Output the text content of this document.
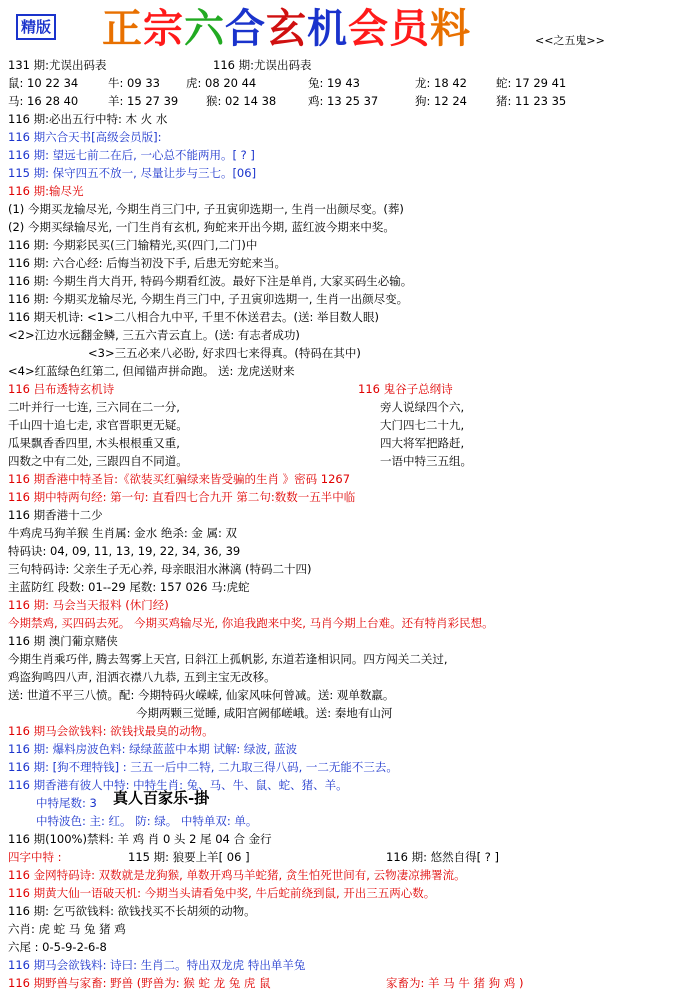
精版 正宗六合玄机会员料	<<之五鬼>>
131 期:尤误出码表	116 期:尤误出码表
鼠: 10 22 34	牛: 09 33 虎: 08 20 44	兔: 19 43	龙: 18 42	蛇: 17 29 41
马: 16 28 40	羊: 15 27 39 猴: 02 14 38	鸡: 13 25 37	狗: 12 24	猪: 11 23 35
116 期:必出五行中特: 木 火 水
116 期六合天书[高级会员版]:
116 期: 望远七前二在后, 一心总不能两用。[ ? ]
115 期: 保守四五不放一, 尽量让步与三七。[06]
116 期:输尽光
(1) 今期买龙输尽光, 今期生肖三门中, 子丑寅卯选期一, 生肖一出颜尽变。(葬)
(2) 今期买绿输尽光, 一门生肖有玄机, 狗蛇来开出今期, 蓝红波今期来中奖。
116 期: 今期彩民买(三门输精光,买(四门,二门)中
116 期: 六合心经: 后悔当初没下手, 后患无穷蛇来当。
116 期: 今期生肖大肖开, 特码今期看红波。最好下注是单肖, 大家买码生必输。
116 期: 今期买龙输尽光, 今期生肖三门中, 子丑寅卯选期一, 生肖一出颜尽变。
116 期天机诗: <1>二八相合九中平, 千里不休送君去。(送: 举目数人眼)
<2>江边水远翻金鳞, 三五六青云直上。(送: 有志者成功)
<3>三五必来八必盼, 好求四七来得真。(特码在其中)
<4>红蓝绿色红第二, 但闻锚声拼命跑。 送: 龙虎送财来
116 吕布透特玄机诗	116 鬼谷子总纲诗
二叶并行一七连, 三六同在二一分,	旁人说绿四个六,
千山四十追七走, 求官晋职更无疑。	大门四七二十九,
瓜果飘香香四里, 木头根根重又重,	四大将军把路赶,
四数之中有二处, 三跟四自不同道。	一语中特三五组。
116 期香港中特圣旨:《欲装买红骗绿来皆受骗的生肖 》密码 1267
116 期中特两句经: 第一句: 直看四七合九开 第二句:数数一五半中临
116 期香港十二少
牛鸡虎马狗羊猴 生肖属: 金水 绝杀: 金 属: 双
特码诀: 04, 09, 11, 13, 19, 22, 34, 36, 39
三句特码诗: 父亲生子无心养, 母亲眼泪水淋漓 (特码二十四)
主蓝防红 段数: 01--29 尾数: 157 026 马:虎蛇
116 期: 马会当天报料 (休门经)
今期禁鸡, 买四码去死。 今期买鸡输尽光, 你追我跑来中奖, 马肖今期上台难。还有特肖彩民想。
116 期 澳门葡京赌侠
今期生肖乘巧伴, 腾去驾雾上天宫, 日斜江上孤帆影, 东道若逢相识同。四方闯关二关过,
鸡盗狗鸣四八声, 泪洒衣襟八九恭, 五到主宝无改移。
送: 世道不平三八愤。配: 今期特码火嵘嵘, 仙家风味何曾减。送: 观单数羸。
今期两颗三觉睡, 咸阳宫阙郁嵯峨。送: 秦地有山河
116 期马会欲钱料: 欲钱找最臭的动物。
116 期: 爆料房波色料: 绿绿蓝蓝中本期 试解: 绿波, 蓝波
116 期: [狗不理特钱] : 三五一后中二特, 二九取三得八码, 一二无能不三去。
116 期香港有彼人中特: 中特生肖: 兔、马、牛、鼠、蛇、猪、羊。
中特尾数: 3
中特波色: 主: 红。 防: 绿。 中特单双: 单。
116 期(100%)禁料: 羊 鸡 肖 0 头 2 尾 04 合 金行
四字中特 :	115 期: 狼要上羊[ 06 ]	116 期: 悠然自得[ ? ]
116 金网特码诗: 双数就是龙狗猴, 单数开鸡马羊蛇猪, 贪生怕死世间有, 云物凄凉拂署流。
116 期黄大仙一语破天机: 今期当头请看兔中奖, 牛后蛇前绕到鼠, 开出三五两心数。
116 期: 乞丐欲钱料: 欲钱找买不长胡须的动物。
六肖: 虎 蛇 马 兔 猪 鸡
六尾 : 0-5-9-2-6-8
116 期马会欲钱料: 诗曰: 生肖二。特出双龙虎 特出单羊兔
116 期野兽与家畜: 野兽 (野兽为: 猴 蛇 龙 兔 虎 鼠	家畜为: 羊 马 牛 猪 狗 鸡 )
真人百家乐-掛
